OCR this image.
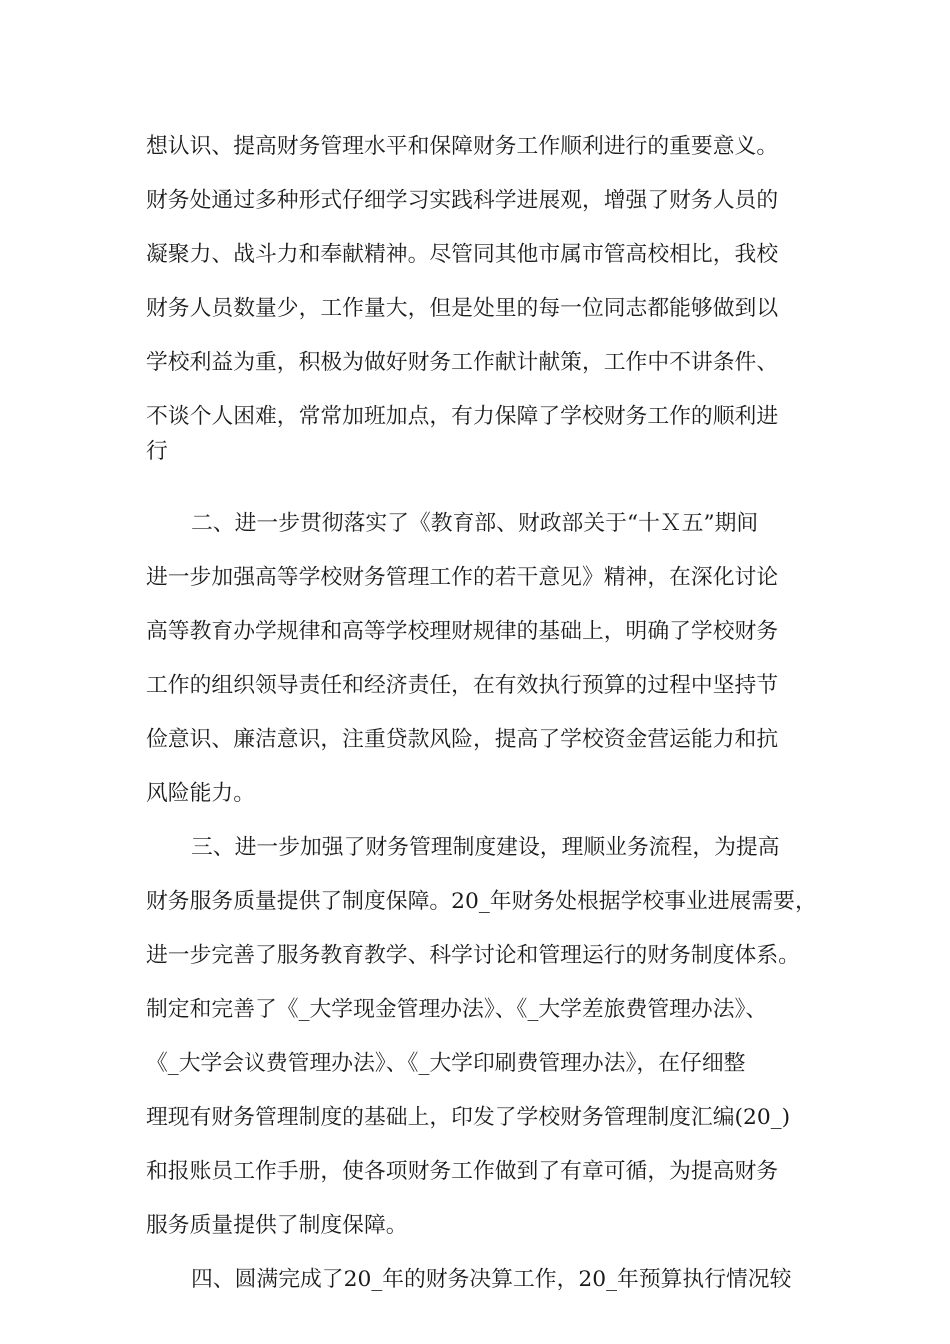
想认识、提高财务管理水平和保障财务工作顺利进行的重要意义。
财务处通过多种形式仔细学习实践科学进展观，增强了财务人员的
凝聚力、战斗力和奉献精神。尽管同其他市属市管高校相比，我校
财务人员数量少，工作量大，但是处里的每一位同志都能够做到以
学校利益为重，积极为做好财务工作献计献策，工作中不讲条件、
不谈个人困难，常常加班加点，有力保障了学校财务工作的顺利进
行
二、进一步贯彻落实了《教育部、财政部关于“十Ｘ五”期间
进一步加强高等学校财务管理工作的若干意见》精神，在深化讨论
高等教育办学规律和高等学校理财规律的基础上，明确了学校财务
工作的组织领导责任和经济责任，在有效执行预算的过程中坚持节
俭意识、廉洁意识，注重贷款风险，提高了学校资金营运能力和抗
风险能力。
三、进一步加强了财务管理制度建设，理顺业务流程，为提高
财务服务质量提供了制度保障。20_年财务处根据学校事业进展需要，
进一步完善了服务教育教学、科学讨论和管理运行的财务制度体系。
制定和完善了《_大学现金管理办法》、《_大学差旅费管理办法》、
《_大学会议费管理办法》、《_大学印刷费管理办法》，在仔细整
理现有财务管理制度的基础上，印发了学校财务管理制度汇编(20_)
和报账员工作手册，使各项财务工作做到了有章可循，为提高财务
服务质量提供了制度保障。
四、圆满完成了20_年的财务决算工作，20_年预算执行情况较
